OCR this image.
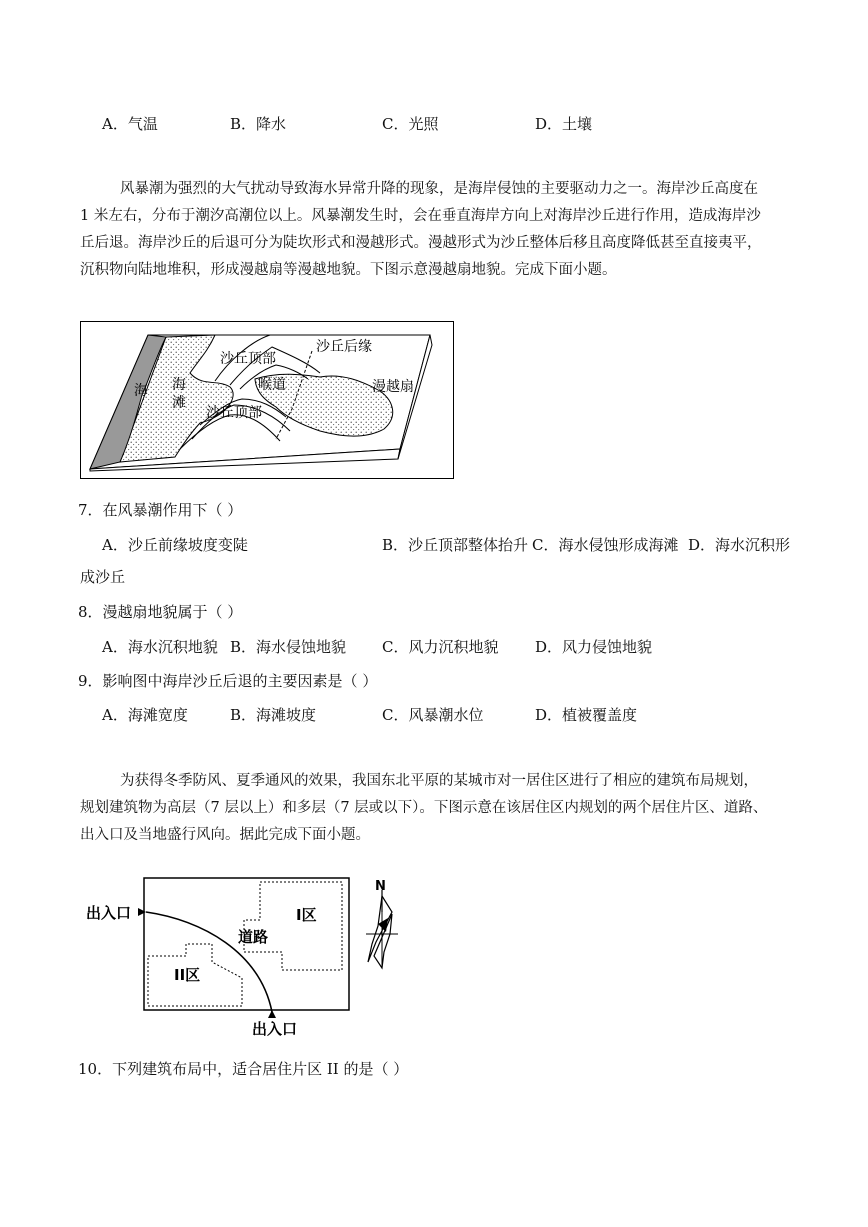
A．气温	B．降水	C．光照	D．土壤
风暴潮为强烈的大气扰动导致海水异常升降的现象，是海岸侵蚀的主要驱动力之一。海岸沙丘高度在
1 米左右，分布于潮汐高潮位以上。风暴潮发生时，会在垂直海岸方向上对海岸沙丘进行作用，造成海岸沙
丘后退。海岸沙丘的后退可分为陡坎形式和漫越形式。漫越形式为沙丘整体后移且高度降低甚至直接夷平，
沉积物向陆地堆积，形成漫越扇等漫越地貌。下图示意漫越扇地貌。完成下面小题。
海 海
滩
沙丘顶部
沙丘后缘
喉道	漫越扇
沙丘顶部
7．在风暴潮作用下（ ）
A．沙丘前缘坡度变陡	B．沙丘顶部整体抬升 C．海水侵蚀形成海滩 D．海水沉积形
成沙丘
8．漫越扇地貌属于（ ）
A．海水沉积地貌 B．海水侵蚀地貌 C．风力沉积地貌 D．风力侵蚀地貌
9．影响图中海岸沙丘后退的主要因素是（ ）
A．海滩宽度	B．海滩坡度	C．风暴潮水位	D．植被覆盖度
为获得冬季防风、夏季通风的效果，我国东北平原的某城市对一居住区进行了相应的建筑布局规划，
规划建筑物为高层（7 层以上）和多层（7 层或以下）。下图示意在该居住区内规划的两个居住片区、道路、
出入口及当地盛行风向。据此完成下面小题。
出入口
出入口
道路
I区
II区
N
10．下列建筑布局中，适合居住片区 II 的是（ ）
